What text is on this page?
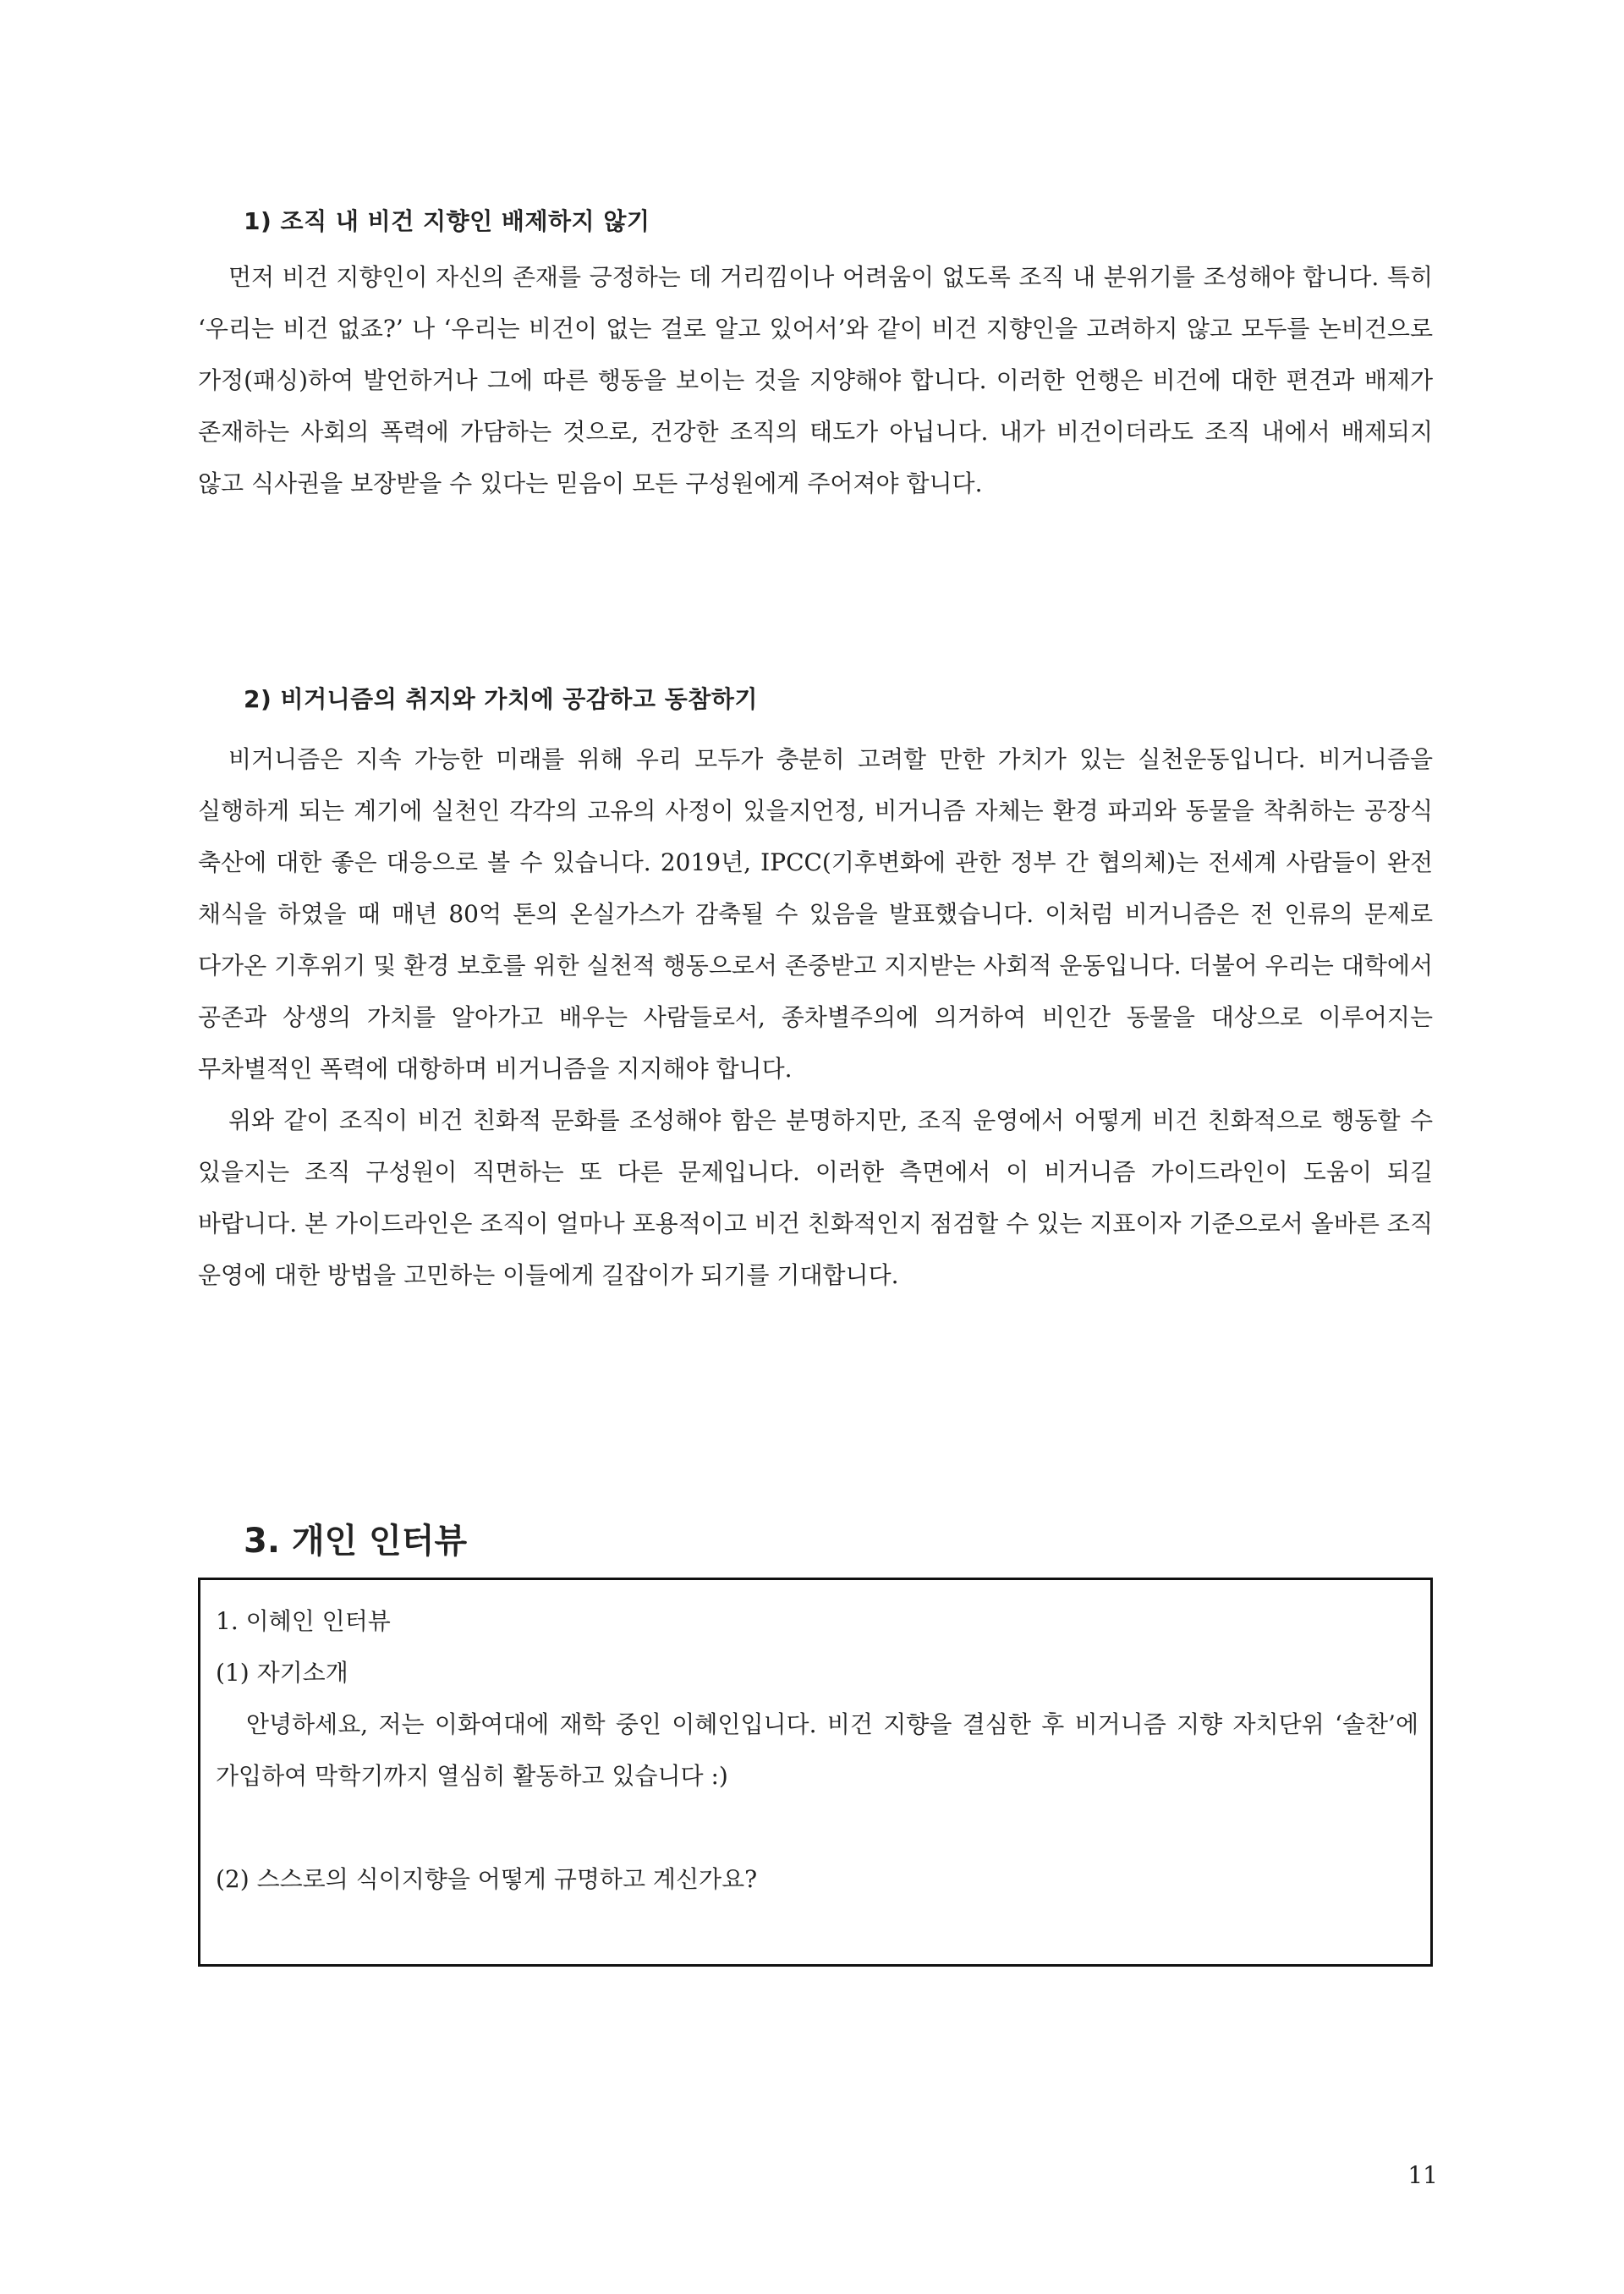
1) 조직 내 비건 지향인 배제하지 않기

먼저 비건 지향인이 자신의 존재를 긍정하는 데 거리낌이나 어려움이 없도록 조직 내 분위기를 조성해야 합니다. 특히 ‘우리는 비건 없죠?’ 나 ‘우리는 비건이 없는 걸로 알고 있어서’와 같이 비건 지향인을 고려하지 않고 모두를 논비건으로 가정(패싱)하여 발언하거나 그에 따른 행동을 보이는 것을 지양해야 합니다. 이러한 언행은 비건에 대한 편견과 배제가 존재하는 사회의 폭력에 가담하는 것으로, 건강한 조직의 태도가 아닙니다. 내가 비건이더라도 조직 내에서 배제되지 않고 식사권을 보장받을 수 있다는 믿음이 모든 구성원에게 주어져야 합니다.

2) 비거니즘의 취지와 가치에 공감하고 동참하기

비거니즘은 지속 가능한 미래를 위해 우리 모두가 충분히 고려할 만한 가치가 있는 실천운동입니다. 비거니즘을 실행하게 되는 계기에 실천인 각각의 고유의 사정이 있을지언정, 비거니즘 자체는 환경 파괴와 동물을 착취하는 공장식 축산에 대한 좋은 대응으로 볼 수 있습니다. 2019년, IPCC(기후변화에 관한 정부 간 협의체)는 전세계 사람들이 완전 채식을 하였을 때 매년 80억 톤의 온실가스가 감축될 수 있음을 발표했습니다. 이처럼 비거니즘은 전 인류의 문제로 다가온 기후위기 및 환경 보호를 위한 실천적 행동으로서 존중받고 지지받는 사회적 운동입니다. 더불어 우리는 대학에서 공존과 상생의 가치를 알아가고 배우는 사람들로서, 종차별주의에 의거하여 비인간 동물을 대상으로 이루어지는 무차별적인 폭력에 대항하며 비거니즘을 지지해야 합니다.

위와 같이 조직이 비건 친화적 문화를 조성해야 함은 분명하지만, 조직 운영에서 어떻게 비건 친화적으로 행동할 수 있을지는 조직 구성원이 직면하는 또 다른 문제입니다. 이러한 측면에서 이 비거니즘 가이드라인이 도움이 되길 바랍니다. 본 가이드라인은 조직이 얼마나 포용적이고 비건 친화적인지 점검할 수 있는 지표이자 기준으로서 올바른 조직 운영에 대한 방법을 고민하는 이들에게 길잡이가 되기를 기대합니다.

3. 개인 인터뷰

1. 이혜인 인터뷰

(1) 자기소개

안녕하세요, 저는 이화여대에 재학 중인 이혜인입니다. 비건 지향을 결심한 후 비거니즘 지향 자치단위 ‘솔찬’에 가입하여 막학기까지 열심히 활동하고 있습니다 :)

(2) 스스로의 식이지향을 어떻게 규명하고 계신가요?

11
